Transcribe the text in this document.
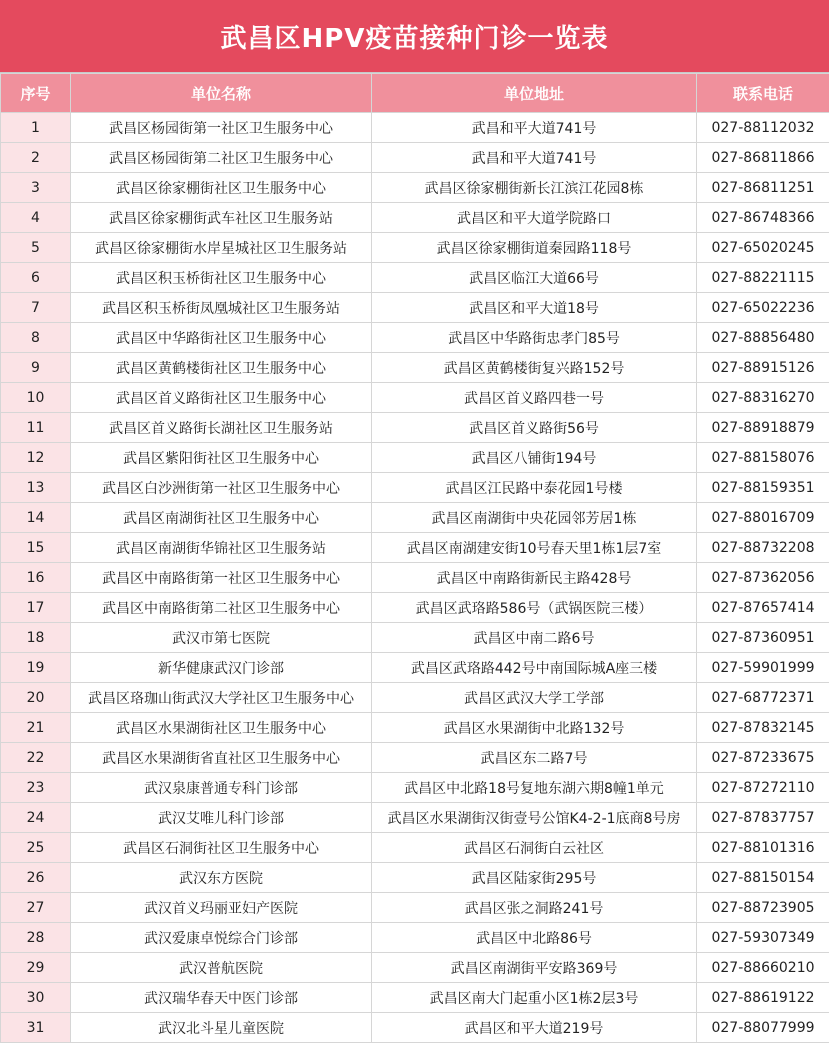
武昌区HPV疫苗接种门诊一览表
序号	单位名称	单位地址	联系电话
1	武昌区杨园街第一社区卫生服务中心	武昌和平大道741号	027-88112032
2	武昌区杨园街第二社区卫生服务中心	武昌和平大道741号	027-86811866
3	武昌区徐家棚街社区卫生服务中心	武昌区徐家棚街新长江滨江花园8栋	027-86811251
4	武昌区徐家棚街武车社区卫生服务站	武昌区和平大道学院路口	027-86748366
5	武昌区徐家棚街水岸星城社区卫生服务站	武昌区徐家棚街道秦园路118号	027-65020245
6	武昌区积玉桥街社区卫生服务中心	武昌区临江大道66号	027-88221115
7	武昌区积玉桥街凤凰城社区卫生服务站	武昌区和平大道18号	027-65022236
8	武昌区中华路街社区卫生服务中心	武昌区中华路街忠孝门85号	027-88856480
9	武昌区黄鹤楼街社区卫生服务中心	武昌区黄鹤楼街复兴路152号	027-88915126
10	武昌区首义路街社区卫生服务中心	武昌区首义路四巷一号	027-88316270
11	武昌区首义路街长湖社区卫生服务站	武昌区首义路街56号	027-88918879
12	武昌区紫阳街社区卫生服务中心	武昌区八铺街194号	027-88158076
13	武昌区白沙洲街第一社区卫生服务中心	武昌区江民路中泰花园1号楼	027-88159351
14	武昌区南湖街社区卫生服务中心	武昌区南湖街中央花园邻芳居1栋	027-88016709
15	武昌区南湖街华锦社区卫生服务站	武昌区南湖建安街10号春天里1栋1层7室	027-88732208
16	武昌区中南路街第一社区卫生服务中心	武昌区中南路街新民主路428号	027-87362056
17	武昌区中南路街第二社区卫生服务中心	武昌区武珞路586号（武锅医院三楼）	027-87657414
18	武汉市第七医院	武昌区中南二路6号	027-87360951
19	新华健康武汉门诊部	武昌区武珞路442号中南国际城A座三楼	027-59901999
20	武昌区珞珈山街武汉大学社区卫生服务中心	武昌区武汉大学工学部	027-68772371
21	武昌区水果湖街社区卫生服务中心	武昌区水果湖街中北路132号	027-87832145
22	武昌区水果湖街省直社区卫生服务中心	武昌区东二路7号	027-87233675
23	武汉泉康普通专科门诊部	武昌区中北路18号复地东湖六期8幢1单元	027-87272110
24	武汉艾唯儿科门诊部	武昌区水果湖街汉街壹号公馆K4-2-1底商8号房	027-87837757
25	武昌区石洞街社区卫生服务中心	武昌区石洞街白云社区	027-88101316
26	武汉东方医院	武昌区陆家街295号	027-88150154
27	武汉首义玛丽亚妇产医院	武昌区张之洞路241号	027-88723905
28	武汉爱康卓悦综合门诊部	武昌区中北路86号	027-59307349
29	武汉普航医院	武昌区南湖街平安路369号	027-88660210
30	武汉瑞华春天中医门诊部	武昌区南大门起重小区1栋2层3号	027-88619122
31	武汉北斗星儿童医院	武昌区和平大道219号	027-88077999
